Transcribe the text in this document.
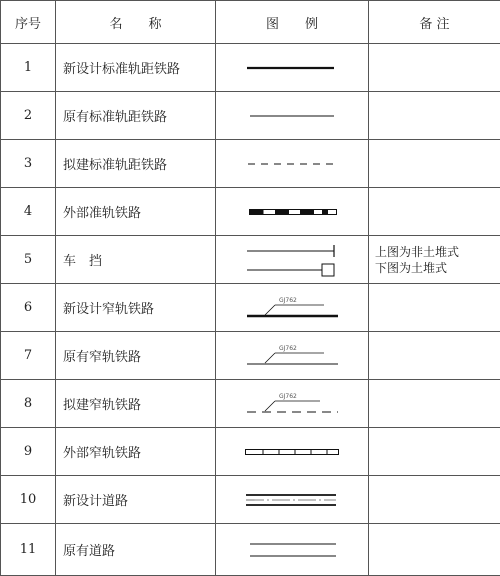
序号	名　　称	图　　例	备 注
1	新设计标准轨距铁路	

2	原有标准轨距铁路	

3	拟建标准轨距铁路	

4	外部准轨铁路	

5	车　挡		上图为非土堆式
下图为土堆式

6	新设计窄轨铁路	GJ762	

7	原有窄轨铁路	GJ762	

8	拟建窄轨铁路	GJ762	

9	外部窄轨铁路	

10	新设计道路	

11	原有道路	
